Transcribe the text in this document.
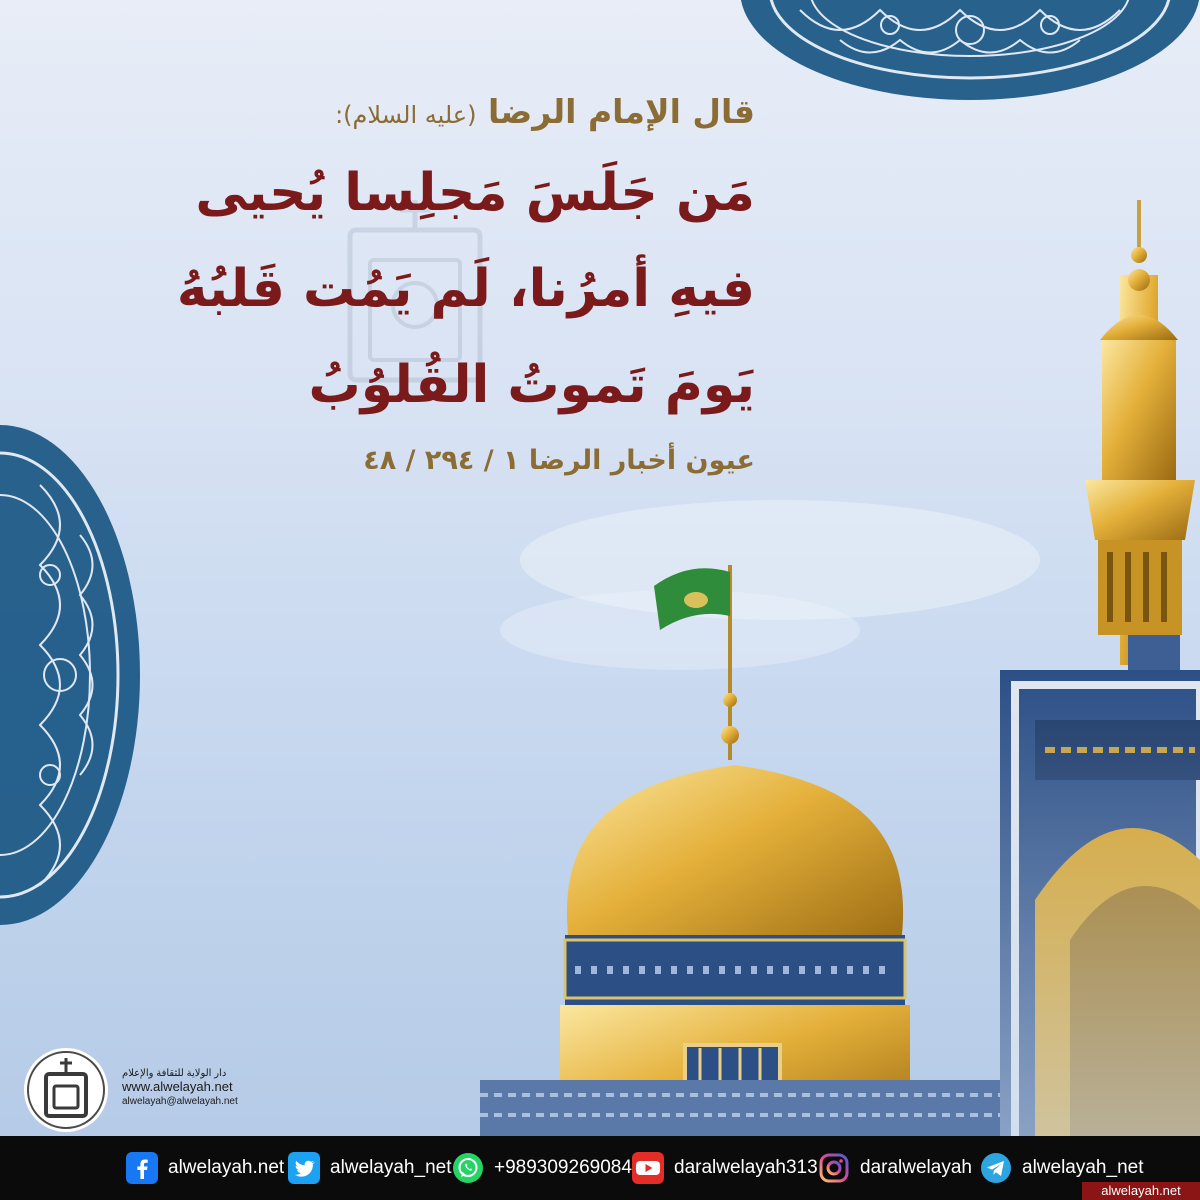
قال الإمام الرضا (عليه السلام):
مَن جَلَسَ مَجلِسا يُحيى
فيهِ أمرُنا، لَم يَمُت قَلبُهُ
يَومَ تَموتُ القُلوُبُ
عيون أخبار الرضا ١ / ٢٩٤ / ٤٨
دار الولاية للثقافة والإعلام
www.alwelayah.net
alwelayah@alwelayah.net
alwelayah.net alwelayah_net +989309269084 daralwelayah313 daralwelayah	alwelayah_net
alwelayah.net
